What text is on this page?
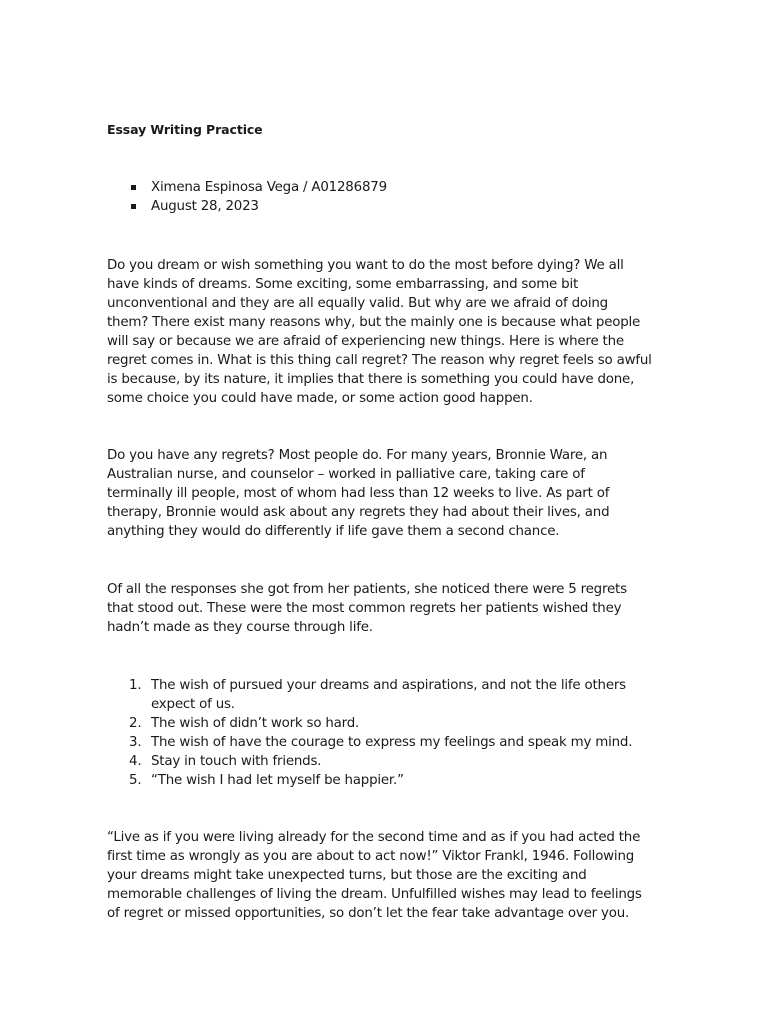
Essay Writing Practice
Ximena Espinosa Vega / A01286879
August 28, 2023

Do you dream or wish something you want to do the most before dying? We all
have kinds of dreams. Some exciting, some embarrassing, and some bit
unconventional and they are all equally valid. But why are we afraid of doing
them? There exist many reasons why, but the mainly one is because what people
will say or because we are afraid of experiencing new things. Here is where the
regret comes in. What is this thing call regret? The reason why regret feels so awful
is because, by its nature, it implies that there is something you could have done,
some choice you could have made, or some action good happen.

Do you have any regrets? Most people do. For many years, Bronnie Ware, an
Australian nurse, and counselor – worked in palliative care, taking care of
terminally ill people, most of whom had less than 12 weeks to live. As part of
therapy, Bronnie would ask about any regrets they had about their lives, and
anything they would do differently if life gave them a second chance.

Of all the responses she got from her patients, she noticed there were 5 regrets
that stood out. These were the most common regrets her patients wished they
hadn’t made as they course through life.

1. The wish of pursued your dreams and aspirations, and not the life others
expect of us.
2. The wish of didn’t work so hard.
3. The wish of have the courage to express my feelings and speak my mind.
4. Stay in touch with friends.
5. “The wish I had let myself be happier.”

“Live as if you were living already for the second time and as if you had acted the
first time as wrongly as you are about to act now!” Viktor Frankl, 1946. Following
your dreams might take unexpected turns, but those are the exciting and
memorable challenges of living the dream. Unfulfilled wishes may lead to feelings
of regret or missed opportunities, so don’t let the fear take advantage over you.
